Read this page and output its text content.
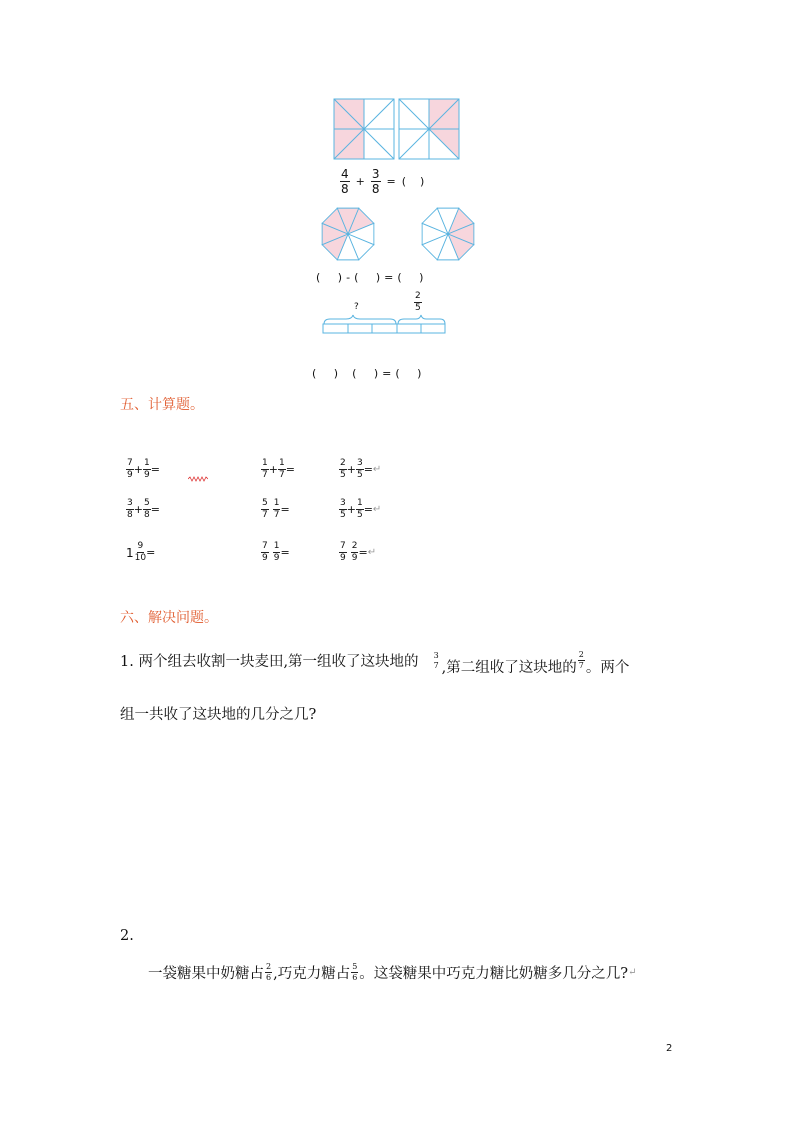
$\frac{4}{8} + \frac{3}{8}$ = (    )
(     ) - (     ) = (     )
?	$\frac{2}{5}$
(     ) (     ) = (     )
五、计算题。
$\frac{7}{9} + \frac{1}{9}$ =	$\frac{1}{7} + \frac{1}{7}$ =	$\frac{2}{5} + \frac{3}{5}$ = ↵
$\frac{3}{8} + \frac{5}{8}$ =	$\frac{5}{7} \frac{1}{7}$ =	$\frac{3}{5} + \frac{1}{5}$ = ↵
$1 \frac{9}{10}$ =	$\frac{7}{9} \frac{1}{9}$ =	$\frac{7}{9} \frac{2}{9}$ = ↵
六、解决问题。
1. 两个组去收割一块麦田,第一组收了这块地的 3
7 ,第二组收了这块地的 $\frac{2}{7}$ 。两个
组一共收了这块地的几分之几?
2.
一袋糖果中奶糖占 $\frac{2}{6}$ ,巧克力糖占 $\frac{5}{6}$ 。这袋糖果中巧克力糖比奶糖多几分之几? ↵
2
